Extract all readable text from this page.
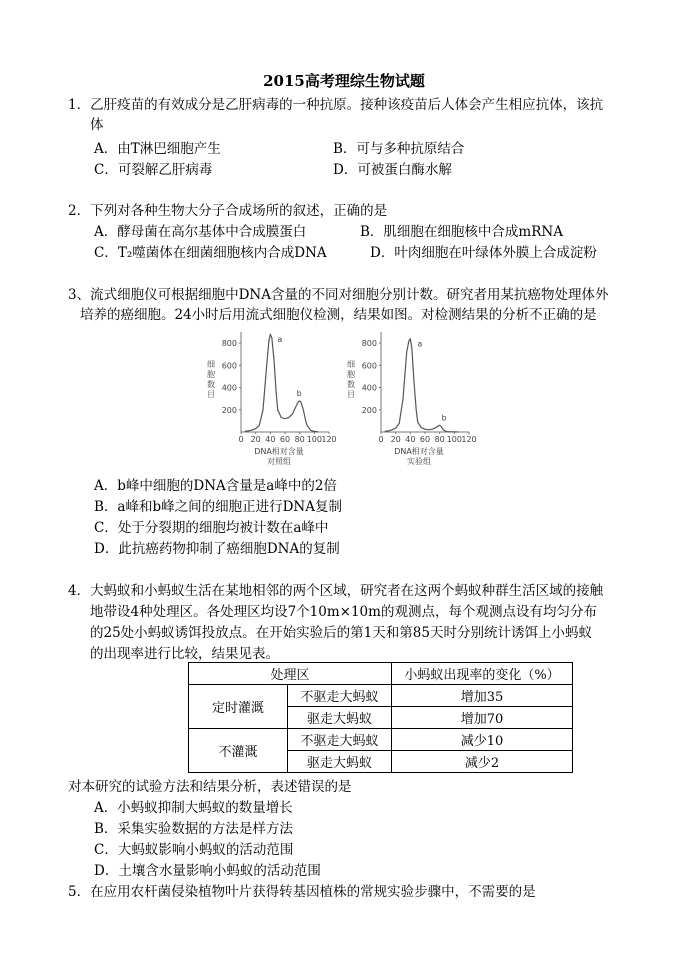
2015高考理综生物试题
1．乙肝疫苗的有效成分是乙肝病毒的一种抗原。接种该疫苗后人体会产生相应抗体，该抗
体
A．由T淋巴细胞产生	B．可与多种抗原结合
C．可裂解乙肝病毒	D．可被蛋白酶水解
2．下列对各种生物大分子合成场所的叙述，正确的是
A．酵母菌在高尔基体中合成膜蛋白	B．肌细胞在细胞核中合成mRNA
C．T₂噬菌体在细菌细胞核内合成DNA	D．叶肉细胞在叶绿体外膜上合成淀粉
3、流式细胞仪可根据细胞中DNA含量的不同对细胞分别计数。研究者用某抗癌物处理体外
培养的癌细胞。24小时后用流式细胞仪检测，结果如图。对检测结果的分析不正确的是
800
600
400
200
0 20 40 60 80 100 120
细
胞
数
目
DNA相对含量
对照组
a
b
800
600
400
200
0 20 40 60 80 100 120
细
胞
数
目
DNA相对含量
实验组
a
b
A．b峰中细胞的DNA含量是a峰中的2倍
B．a峰和b峰之间的细胞正进行DNA复制
C．处于分裂期的细胞均被计数在a峰中
D．此抗癌药物抑制了癌细胞DNA的复制
4．大蚂蚁和小蚂蚁生活在某地相邻的两个区域，研究者在这两个蚂蚁种群生活区域的接触
地带设4种处理区。各处理区均设7个10m×10m的观测点，每个观测点设有均匀分布
的25处小蚂蚁诱饵投放点。在开始实验后的第1天和第85天时分别统计诱饵上小蚂蚁
的出现率进行比较，结果见表。
处理区		小蚂蚁出现率的变化（%）
定时灌溉	不驱走大蚂蚁	增加35
	驱走大蚂蚁	增加70
不灌溉	不驱走大蚂蚁	减少10
	驱走大蚂蚁	减少2
对本研究的试验方法和结果分析，表述错误的是
A．小蚂蚁抑制大蚂蚁的数量增长
B．采集实验数据的方法是样方法
C．大蚂蚁影响小蚂蚁的活动范围
D．土壤含水量影响小蚂蚁的活动范围
5．在应用农杆菌侵染植物叶片获得转基因植株的常规实验步骤中，不需要的是
